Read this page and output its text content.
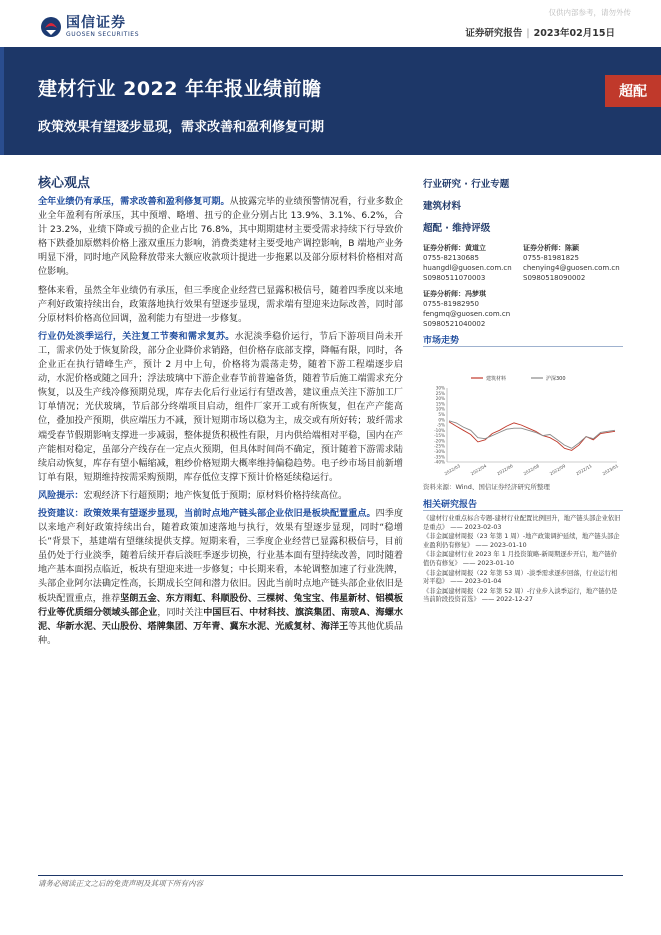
仅供内部参考，请勿外传
国信证券
GUOSEN SECURITIES	证券研究报告 | 2023年02月15日
建材行业 2022 年年报业绩前瞻
政策效果有望逐步显现，需求改善和盈利修复可期
超配
核心观点

全年业绩仍有承压，需求改善和盈利修复可期。从披露完毕的业绩预警情况看，行业多数企业全年盈利有所承压，其中预增、略增、扭亏的企业分别占比 13.9%、3.1%、6.2%，合计 23.2%，业绩下降或亏损的企业占比 76.8%，其中期期建材主要受需求持续下行导致价格下跌叠加原燃料价格上涨双重压力影响，消费类建材主要受地产调控影响，B 端地产业务明显下滑，同时地产风险释放带来大额应收款项计提进一步拖累以及部分原材料价格相对高位影响。

整体来看，虽然全年业绩仍有承压，但三季度企业经营已显露积极信号，随着四季度以来地产利好政策持续出台，政策落地执行效果有望逐步显现，需求端有望迎来边际改善，同时部分原材料价格高位回调，盈利能力有望进一步修复。

行业仍处淡季运行，关注复工节奏和需求复苏。水泥淡季稳价运行，节后下游项目尚未开工，需求仍处于恢复阶段，部分企业降价求销路，但价格存底部支撑，降幅有限，同时，各企业正在执行错峰生产，预计 2 月中上旬，价格将为震荡走势，随着下游工程端逐步启动，水泥价格或随之回升；浮法玻璃中下游企业春节前普遍备货，随着节后施工端需求充分恢复，以及生产线冷修预期兑现，库存去化后行业运行有望改善，建议重点关注下游加工厂订单情况；光伏玻璃，节后部分终端项目启动，组件厂家开工或有所恢复，但在产产能高位，叠加投产预期，供应端压力不减，预计短期市场以稳为主，成交或有所好转；玻纤需求端受春节假期影响支撑进一步减弱，整体提货积极性有限，月内供给端相对平稳，国内在产产能相对稳定，虽部分产线存在一定点火预期，但具体时间尚不确定，预计随着下游需求陆续启动恢复，库存有望小幅缩减，粗纱价格短期大概率维持偏稳趋势。电子纱市场目前新增订单有限，短期维持按需采购预期，库存低位支撑下预计价格延续稳运行。

风险提示：宏观经济下行超预期；地产恢复低于预期；原材料价格持续高位。

投资建议：政策效果有望逐步显现，当前时点地产链头部企业依旧是板块配置重点。四季度以来地产利好政策持续出台，随着政策加速落地与执行，效果有望逐步显现，同时“稳增长”背景下，基建端有望继续提供支撑。短期来看，三季度企业经营已显露积极信号，目前虽仍处于行业淡季，随着后续开春后淡旺季逐步切换，行业基本面有望持续改善，同时随着地产基本面拐点临近，板块有望迎来进一步修复；中长期来看，本轮调整加速了行业洗牌，头部企业阿尔法确定性高，长期成长空间和潜力依旧。因此当前时点地产链头部企业依旧是板块配置重点，推荐坚朗五金、东方雨虹、科顺股份、三棵树、兔宝宝、伟星新材、铝模板行业等优质细分领域头部企业，同时关注中国巨石、中材科技、旗滨集团、南玻A、海螺水泥、华新水泥、天山股份、塔牌集团、万年青、冀东水泥、光威复材、海洋王等其他优质品种。

行业研究 · 行业专题
建筑材料
超配 · 维持评级
证券分析师：黄道立
0755-82130685
huangdl@guosen.com.cn
S0980511070003
证券分析师：陈颖
0755-81981825
chenying4@guosen.com.cn
S0980518090002
证券分析师：冯梦琪
0755-81982950
fengmq@guosen.com.cn
S0980521040002
市场走势
30%
25%
20%
15%
10%
5%
0%
-5%
-10%
-15%
-20%
-25%
-30%
-35%
-40%
2022/03 2022/04 2022/06 2022/08 2022/09 2022/11 2023/01
建筑材料	沪深300
资料来源：Wind、国信证券经济研究所整理
相关研究报告
《建材行业重点标合专题-建材行业配置比例回升，地产链头部企业依旧是重点》 —— 2023-02-03
《非金属建材周报（23 年第 1 周）-地产政策调护延续，地产链头部企业盈利仍有修复》 —— 2023-01-10
《非金属建材行业 2023 年 1 月投资策略-新周期逐步开启，地产链价值仍有修复》 —— 2023-01-10
《非金属建材周报（22 年第 53 周）-淡季需求逐步回落，行业运行相对平稳》 —— 2023-01-04
《非金属建材周报（22 年第 52 周）-行业步入淡季运行，地产链仍是当前阶段投资首选》 —— 2022-12-27
请务必阅读正文之后的免责声明及其项下所有内容
